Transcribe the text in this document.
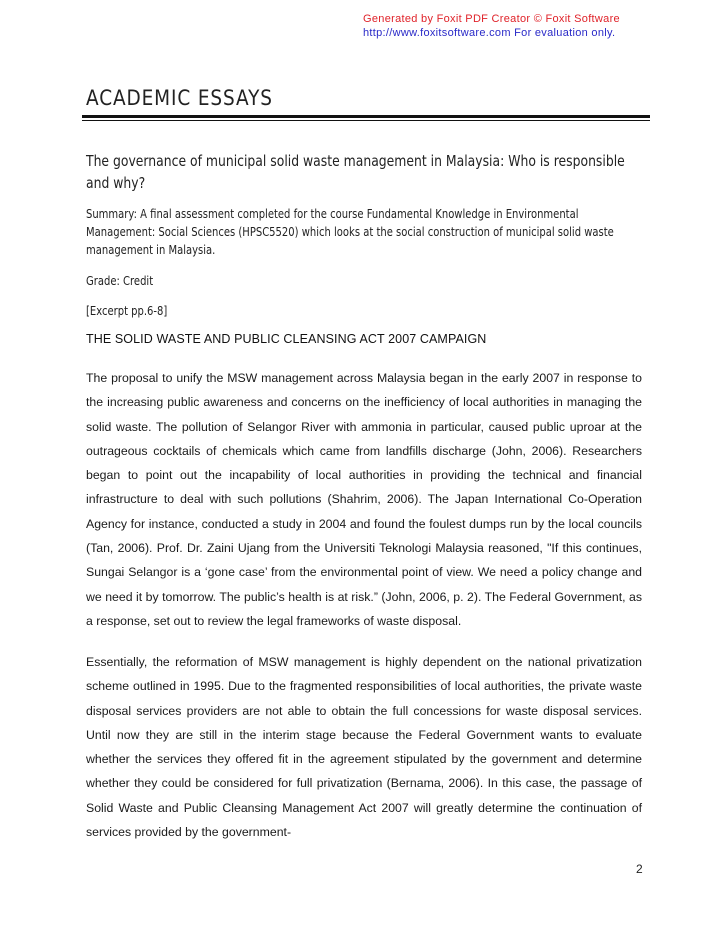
Generated by Foxit PDF Creator © Foxit Software
http://www.foxitsoftware.com For evaluation only.
ACADEMIC ESSAYS
The governance of municipal solid waste management in Malaysia: Who is responsible and why?

Summary: A final assessment completed for the course Fundamental Knowledge in Environmental Management: Social Sciences (HPSC5520) which looks at the social construction of municipal solid waste management in Malaysia.

Grade: Credit

[Excerpt pp.6-8]

THE SOLID WASTE AND PUBLIC CLEANSING ACT 2007 CAMPAIGN

The proposal to unify the MSW management across Malaysia began in the early 2007 in response to the increasing public awareness and concerns on the inefficiency of local authorities in managing the solid waste. The pollution of Selangor River with ammonia in particular, caused public uproar at the outrageous cocktails of chemicals which came from landfills discharge (John, 2006). Researchers began to point out the incapability of local authorities in providing the technical and financial infrastructure to deal with such pollutions (Shahrim, 2006). The Japan International Co-Operation Agency for instance, conducted a study in 2004 and found the foulest dumps run by the local councils (Tan, 2006). Prof. Dr. Zaini Ujang from the Universiti Teknologi Malaysia reasoned, "If this continues, Sungai Selangor is a ‘gone case’ from the environmental point of view. We need a policy change and we need it by tomorrow. The public’s health is at risk.” (John, 2006, p. 2). The Federal Government, as a response, set out to review the legal frameworks of waste disposal.

Essentially, the reformation of MSW management is highly dependent on the national privatization scheme outlined in 1995. Due to the fragmented responsibilities of local authorities, the private waste disposal services providers are not able to obtain the full concessions for waste disposal services. Until now they are still in the interim stage because the Federal Government wants to evaluate whether the services they offered fit in the agreement stipulated by the government and determine whether they could be considered for full privatization (Bernama, 2006). In this case, the passage of Solid Waste and Public Cleansing Management Act 2007 will greatly determine the continuation of services provided by the government-

2
